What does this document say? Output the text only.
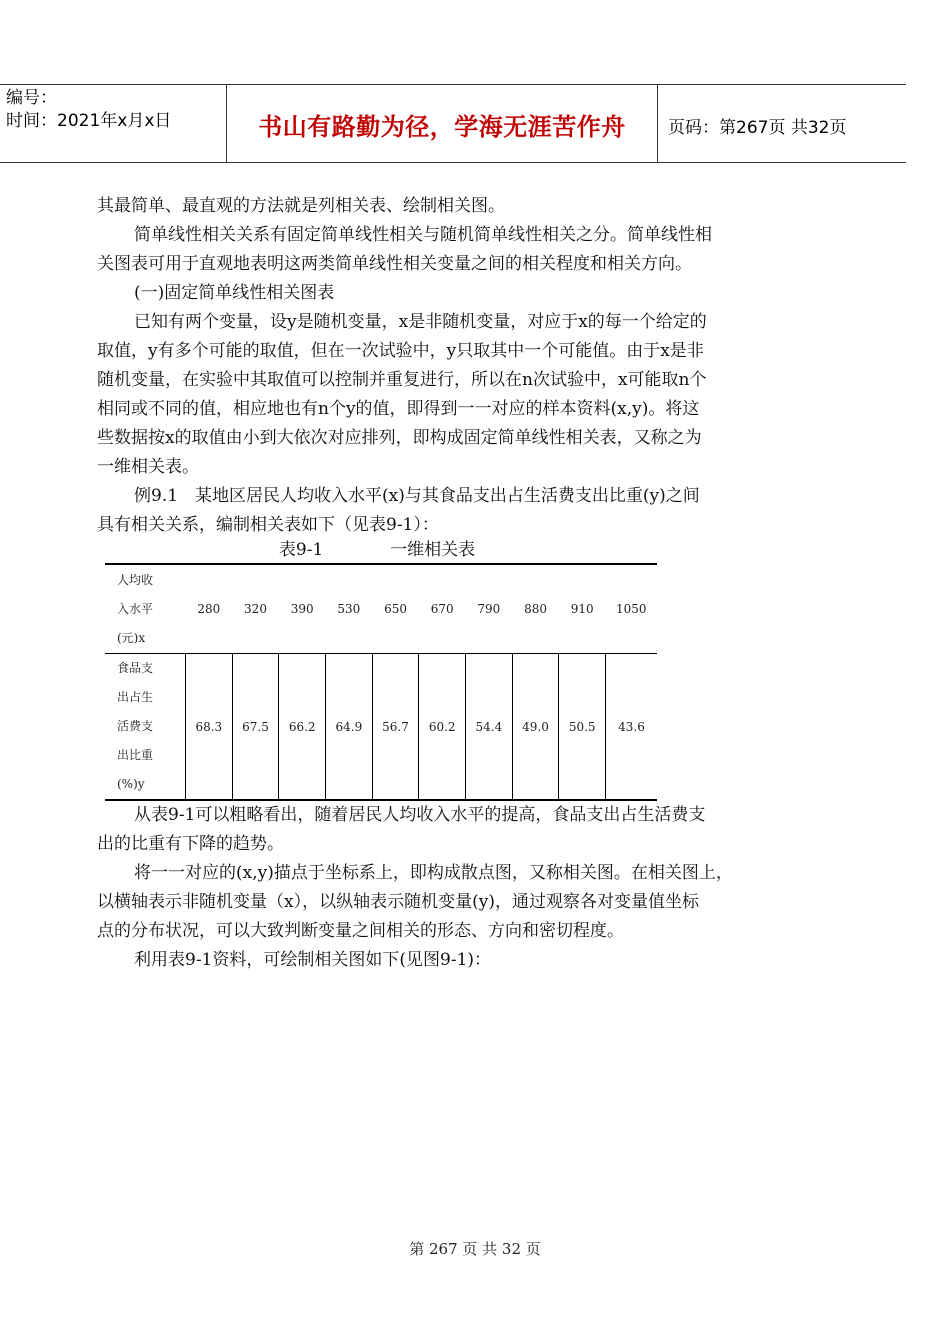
编号：
时间：2021年x月x日	书山有路勤为径，学海无涯苦作舟	页码：第267页 共32页

其最简单、最直观的方法就是列相关表、绘制相关图。

简单线性相关关系有固定简单线性相关与随机简单线性相关之分。简单线性相

关图表可用于直观地表明这两类简单线性相关变量之间的相关程度和相关方向。

(一)固定简单线性相关图表

已知有两个变量，设y是随机变量，x是非随机变量，对应于x的每一个给定的

取值，y有多个可能的取值，但在一次试验中，y只取其中一个可能值。由于x是非

随机变量，在实验中其取值可以控制并重复进行，所以在n次试验中，x可能取n个

相同或不同的值，相应地也有n个y的值，即得到一一对应的样本资料(x,y)。将这

些数据按x的取值由小到大依次对应排列，即构成固定简单线性相关表，又称之为

一维相关表。

例9.1　某地区居民人均收入水平(x)与其食品支出占生活费支出比重(y)之间

具有相关关系，编制相关表如下（见表9-1）：

表9-1	一维相关表
人均收
入水平
(元)x	280	320	390	530	650	670	790	880	910	1050

食品支
出占生
活费支
出比重
(%)y	68.3	67.5	66.2	64.9	56.7	60.2	54.4	49.0	50.5	43.6

从表9-1可以粗略看出，随着居民人均收入水平的提高，食品支出占生活费支

出的比重有下降的趋势。

将一一对应的(x,y)描点于坐标系上，即构成散点图，又称相关图。在相关图上，

以横轴表示非随机变量（x），以纵轴表示随机变量(y)，通过观察各对变量值坐标

点的分布状况，可以大致判断变量之间相关的形态、方向和密切程度。

利用表9-1资料，可绘制相关图如下(见图9-1)：

第 267 页 共 32 页
